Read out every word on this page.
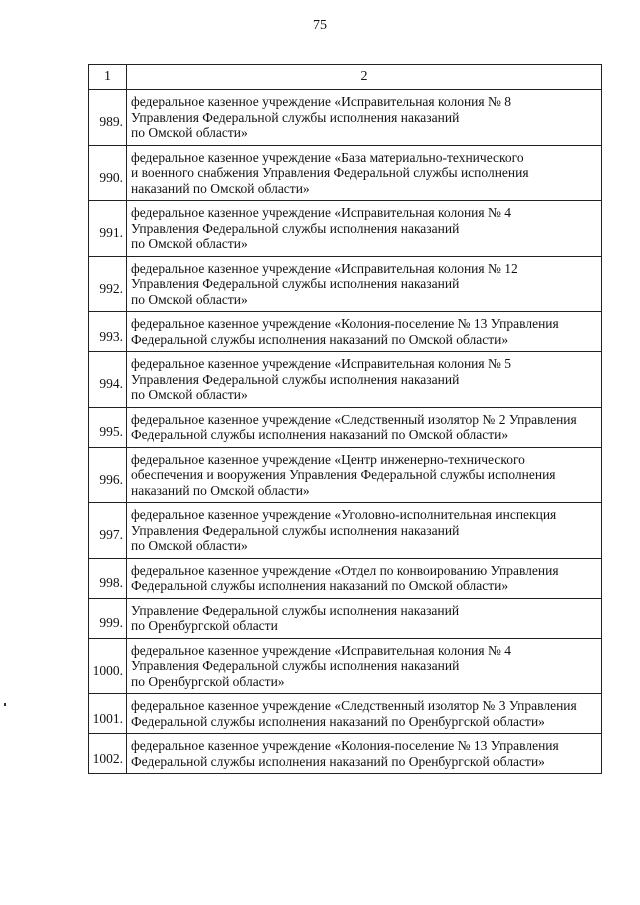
75
1	2
989.	федеральное казенное учреждение «Исправительная колония № 8
Управления Федеральной службы исполнения наказаний
по Омской области»
990.	федеральное казенное учреждение «База материально-технического
и военного снабжения Управления Федеральной службы исполнения
наказаний по Омской области»
991.	федеральное казенное учреждение «Исправительная колония № 4
Управления Федеральной службы исполнения наказаний
по Омской области»
992.	федеральное казенное учреждение «Исправительная колония № 12
Управления Федеральной службы исполнения наказаний
по Омской области»
993.	федеральное казенное учреждение «Колония-поселение № 13 Управления
Федеральной службы исполнения наказаний по Омской области»
994.	федеральное казенное учреждение «Исправительная колония № 5
Управления Федеральной службы исполнения наказаний
по Омской области»
995.	федеральное казенное учреждение «Следственный изолятор № 2 Управления
Федеральной службы исполнения наказаний по Омской области»
996.	федеральное казенное учреждение «Центр инженерно-технического
обеспечения и вооружения Управления Федеральной службы исполнения
наказаний по Омской области»
997.	федеральное казенное учреждение «Уголовно-исполнительная инспекция
Управления Федеральной службы исполнения наказаний
по Омской области»
998.	федеральное казенное учреждение «Отдел по конвоированию Управления
Федеральной службы исполнения наказаний по Омской области»
999.	Управление Федеральной службы исполнения наказаний
по Оренбургской области
1000.	федеральное казенное учреждение «Исправительная колония № 4
Управления Федеральной службы исполнения наказаний
по Оренбургской области»
1001.	федеральное казенное учреждение «Следственный изолятор № 3 Управления
Федеральной службы исполнения наказаний по Оренбургской области»
1002.	федеральное казенное учреждение «Колония-поселение № 13 Управления
Федеральной службы исполнения наказаний по Оренбургской области»
